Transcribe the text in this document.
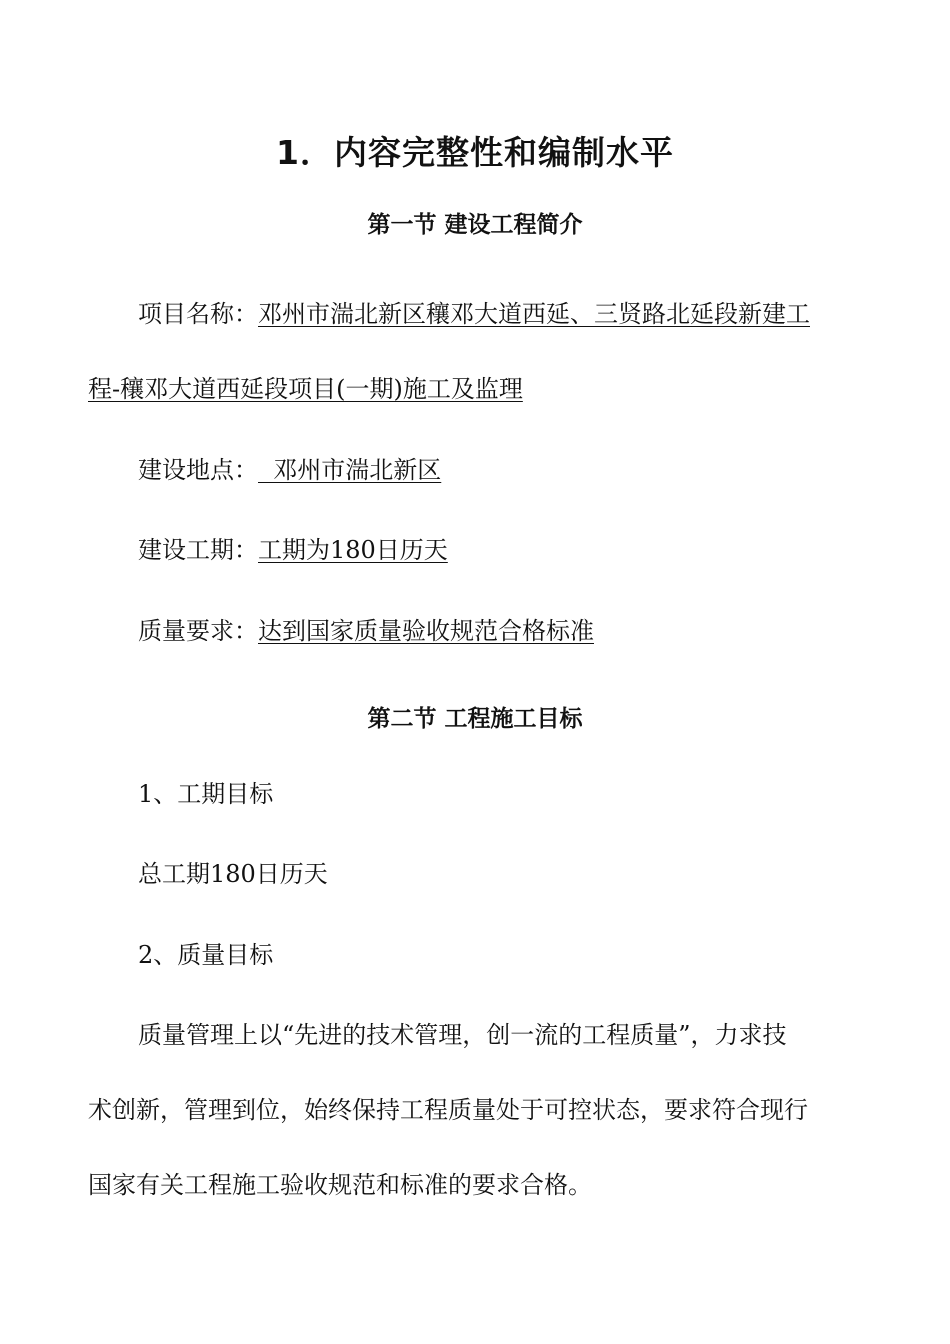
1．内容完整性和编制水平
第一节 建设工程简介
项目名称：邓州市湍北新区穰邓大道西延、三贤路北延段新建工
程-穰邓大道西延段项目(一期)施工及监理
建设地点：  邓州市湍北新区
建设工期：工期为180日历天
质量要求：达到国家质量验收规范合格标准
第二节 工程施工目标
1、工期目标
总工期180日历天
2、质量目标
质量管理上以“先进的技术管理，创一流的工程质量”，力求技
术创新，管理到位，始终保持工程质量处于可控状态，要求符合现行
国家有关工程施工验收规范和标准的要求合格。
